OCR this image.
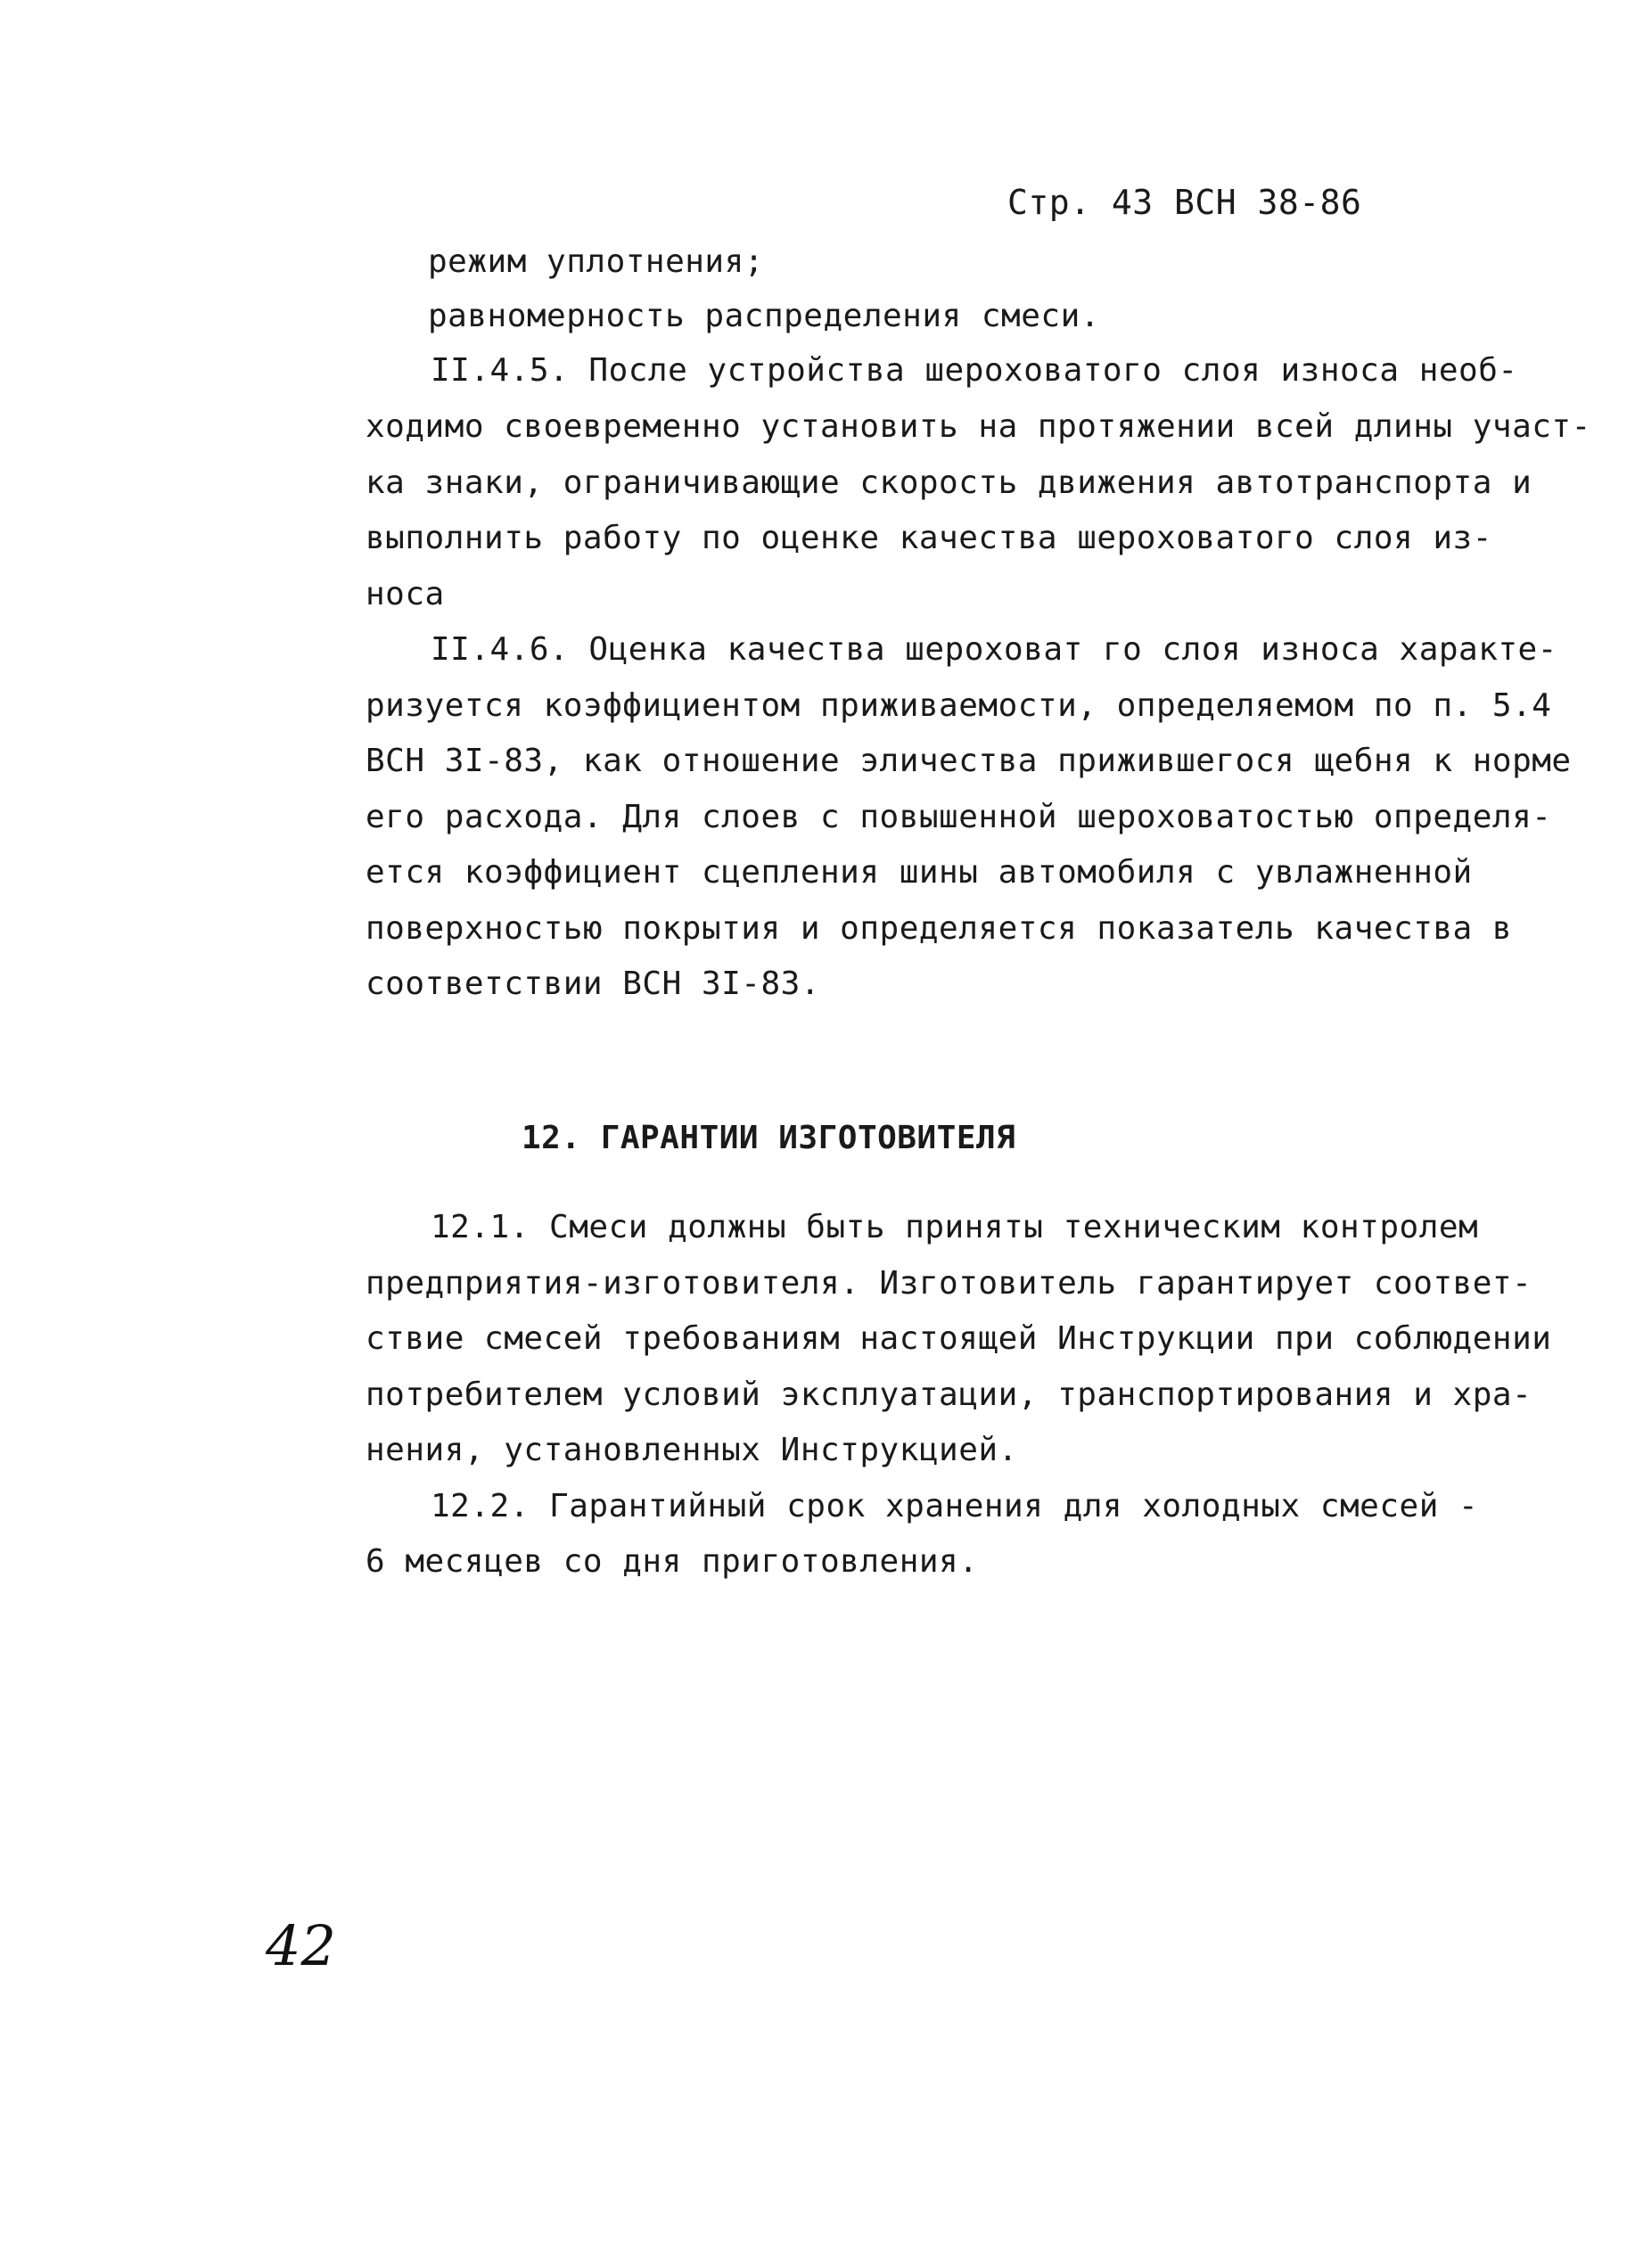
Стр. 43 ВСН 38-86
режим уплотнения;
равномерность распределения смеси.
II.4.5. После устройства шероховатого слоя износа необ-
ходимо своевременно установить на протяжении всей длины участ-
ка знаки, ограничивающие скорость движения автотранспорта и
выполнить работу по оценке качества шероховатого слоя из-
носа
II.4.6. Оценка качества шероховат го слоя износа характе-
ризуется коэффициентом приживаемости, определяемом по п. 5.4
ВСН 3I-83, как отношение эличества прижившегося щебня к норме
его расхода. Для слоев с повышенной шероховатостью определя-
ется коэффициент сцепления шины автомобиля с увлажненной
поверхностью покрытия и определяется показатель качества в
соответствии ВСН 3I-83.
12. ГАРАНТИИ ИЗГОТОВИТЕЛЯ
12.1. Смеси должны быть приняты техническим контролем
предприятия-изготовителя. Изготовитель гарантирует соответ-
ствие смесей требованиям настоящей Инструкции при соблюдении
потребителем условий эксплуатации, транспортирования и хра-
нения, установленных Инструкцией.
12.2. Гарантийный срок хранения для холодных смесей -
6 месяцев со дня приготовления.
42
